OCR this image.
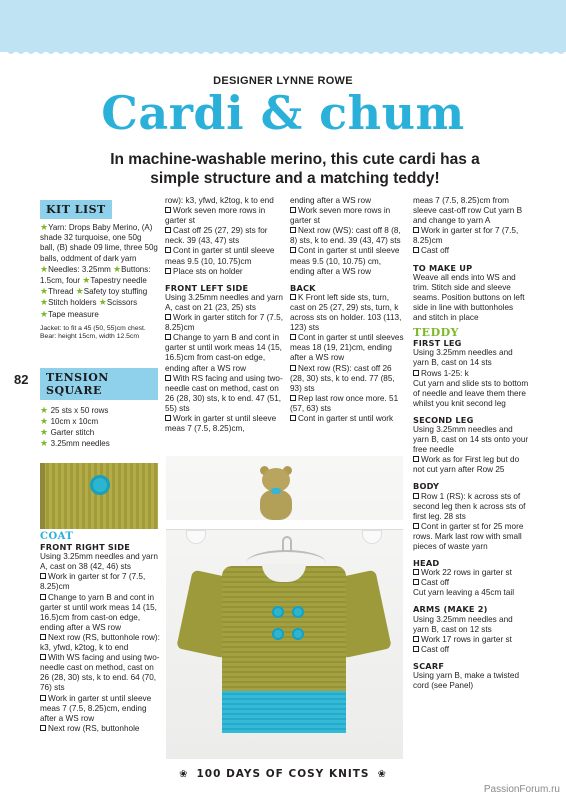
DESIGNER LYNNE ROWE
Cardi & chum
In machine-washable merino, this cute cardi has a simple structure and a matching teddy!
82
KIT LIST
★Yarn: Drops Baby Merino, (A) shade 32 turquoise, one 50g ball, (B) shade 09 lime, three 50g balls, oddment of dark yarn ★Needles: 3.25mm ★Buttons: 1.5cm, four ★Tapestry needle ★Thread ★Safety toy stuffing ★Stitch holders ★Scissors ★Tape measure
Jacket: to fit a 45 (50, 55)cm chest. Bear: height 15cm, width 12.5cm
TENSION SQUARE
★ 25 sts x 50 rows
★ 10cm x 10cm
★ Garter stitch
★ 3.25mm needles
COAT
FRONT RIGHT SIDE

Using 3.25mm needles and yarn A, cast on 38 (42, 46) sts

Work in garter st for 7 (7.5, 8.25)cm

Change to yarn B and cont in garter st until work meas 14 (15, 16.5)cm from cast-on edge, ending after a WS row

Next row (RS, buttonhole row): k3, yfwd, k2tog, k to end

With WS facing and using two-needle cast on method, cast on 26 (28, 30) sts, k to end. 64 (70, 76) sts

Work in garter st until sleeve meas 7 (7.5, 8.25)cm, ending after a WS row

Next row (RS, buttonhole

row): k3, yfwd, k2tog, k to end

Work seven more rows in garter st

Cast off 25 (27, 29) sts for neck. 39 (43, 47) sts

Cont in garter st until sleeve meas 9.5 (10, 10.75)cm

Place sts on holder

FRONT LEFT SIDE

Using 3.25mm needles and yarn A, cast on 21 (23, 25) sts

Work in garter stitch for 7 (7.5, 8.25)cm

Change to yarn B and cont in garter st until work meas 14 (15, 16.5)cm from cast-on edge, ending after a WS row

With RS facing and using two-needle cast on method, cast on 26 (28, 30) sts, k to end. 47 (51, 55) sts

Work in garter st until sleeve meas 7 (7.5, 8.25)cm,

ending after a WS row

Work seven more rows in garter st

Next row (WS): cast off 8 (8, 8) sts, k to end. 39 (43, 47) sts

Cont in garter st until sleeve meas 9.5 (10, 10.75) cm, ending after a WS row

BACK

K Front left side sts, turn, cast on 25 (27, 29) sts, turn, k across sts on holder. 103 (113, 123) sts

Cont in garter st until sleeves meas 18 (19, 21)cm, ending after a WS row

Next row (RS): cast off 26 (28, 30) sts, k to end. 77 (85, 93) sts

Rep last row once more. 51 (57, 63) sts

Cont in garter st until work

meas 7 (7.5, 8.25)cm from sleeve cast-off row Cut yarn B and change to yarn A

Work in garter st for 7 (7.5, 8.25)cm

Cast off

TO MAKE UP

Weave all ends into WS and trim. Stitch side and sleeve seams. Position buttons on left side in line with buttonholes and stitch in place

TEDDY
FIRST LEG

Using 3.25mm needles and yarn B, cast on 14 sts

Rows 1-25: k

Cut yarn and slide sts to bottom of needle and leave them there whilst you knit second leg

SECOND LEG

Using 3.25mm needles and yarn B, cast on 14 sts onto your free needle

Work as for First leg but do not cut yarn after Row 25

BODY

Row 1 (RS): k across sts of second leg then k across sts of first leg. 28 sts

Cont in garter st for 25 more rows. Mark last row with small pieces of waste yarn

HEAD

Work 22 rows in garter st

Cast off

Cut yarn leaving a 45cm tail

ARMS (MAKE 2)

Using 3.25mm needles and yarn B, cast on 12 sts

Work 17 rows in garter st

Cast off

SCARF

Using yarn B, make a twisted cord (see Panel)

❀ 100 DAYS OF COSY KNITS ❀
PassionForum.ru
